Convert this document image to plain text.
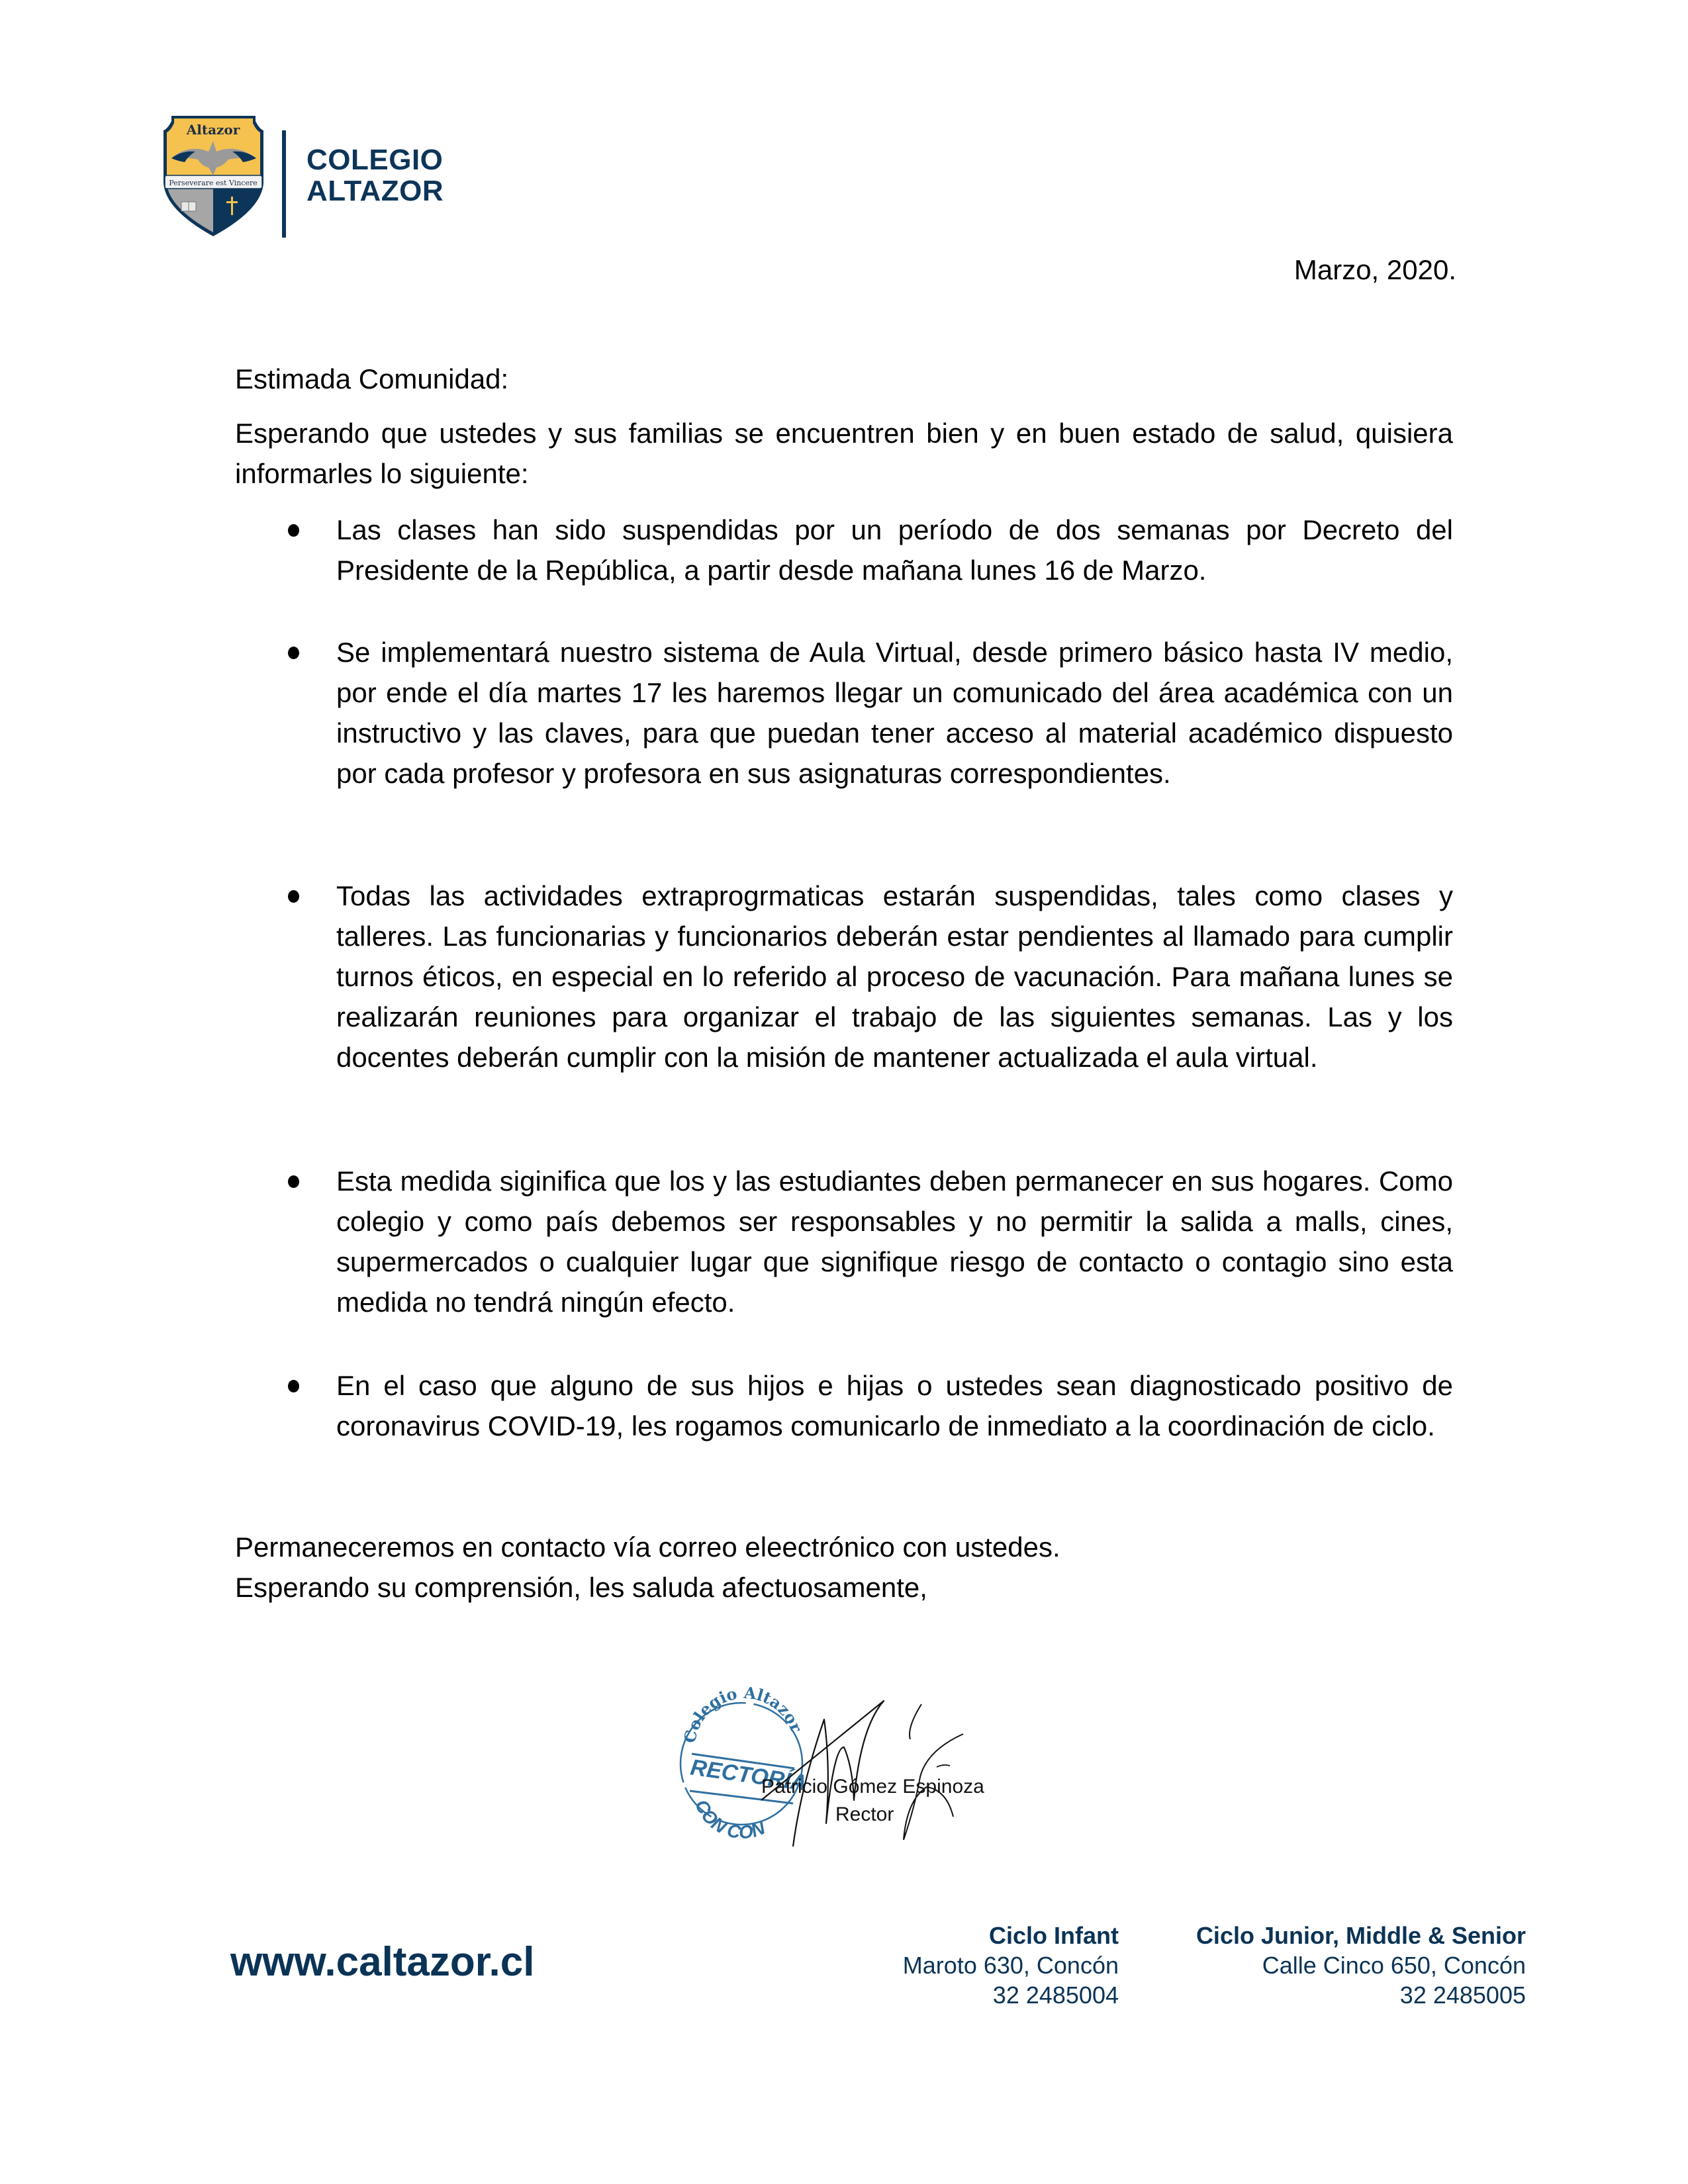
Altazor
Perseverare est Vincere
COLEGIO
ALTAZOR
Marzo, 2020.
Estimada Comunidad:
Esperando que ustedes y sus familias se encuentren bien y en buen estado de salud, quisiera informarles lo siguiente:
Las clases han sido suspendidas por un período de dos semanas por Decreto del Presidente de la República, a partir desde mañana lunes 16 de Marzo.
Se implementará nuestro sistema de Aula Virtual, desde primero básico hasta IV medio, por ende el día martes 17 les haremos llegar un comunicado del área académica con un instructivo y las claves, para que puedan tener acceso al material académico dispuesto por cada profesor y profesora en sus asignaturas correspondientes.
Todas las actividades extraprogrmaticas estarán suspendidas, tales como clases y talleres. Las funcionarias y funcionarios deberán estar pendientes al llamado para cumplir turnos éticos, en especial en lo referido al proceso de vacunación. Para mañana lunes se realizarán reuniones para organizar el trabajo de las siguientes semanas. Las y los docentes deberán cumplir con la misión de mantener actualizada el aula virtual.
Esta medida siginifica que los y las estudiantes deben permanecer en sus hogares. Como colegio y como país debemos ser responsables y no permitir la salida a malls, cines, supermercados o cualquier lugar que signifique riesgo de contacto o contagio sino esta medida no tendrá ningún efecto.
En el caso que alguno de sus hijos e hijas o ustedes sean diagnosticado positivo de coronavirus COVID-19, les rogamos comunicarlo de inmediato a la coordinación de ciclo.
Permaneceremos en contacto vía correo eleectrónico con ustedes.
Esperando su comprensión, les saluda afectuosamente,
Colegio Altazor
RECTORÍA
CON CON
Patricio Gómez Espinoza
Rector
www.caltazor.cl
Ciclo Infant
Maroto 630, Concón
32 2485004
Ciclo Junior, Middle & Senior
Calle Cinco 650, Concón
32 2485005
